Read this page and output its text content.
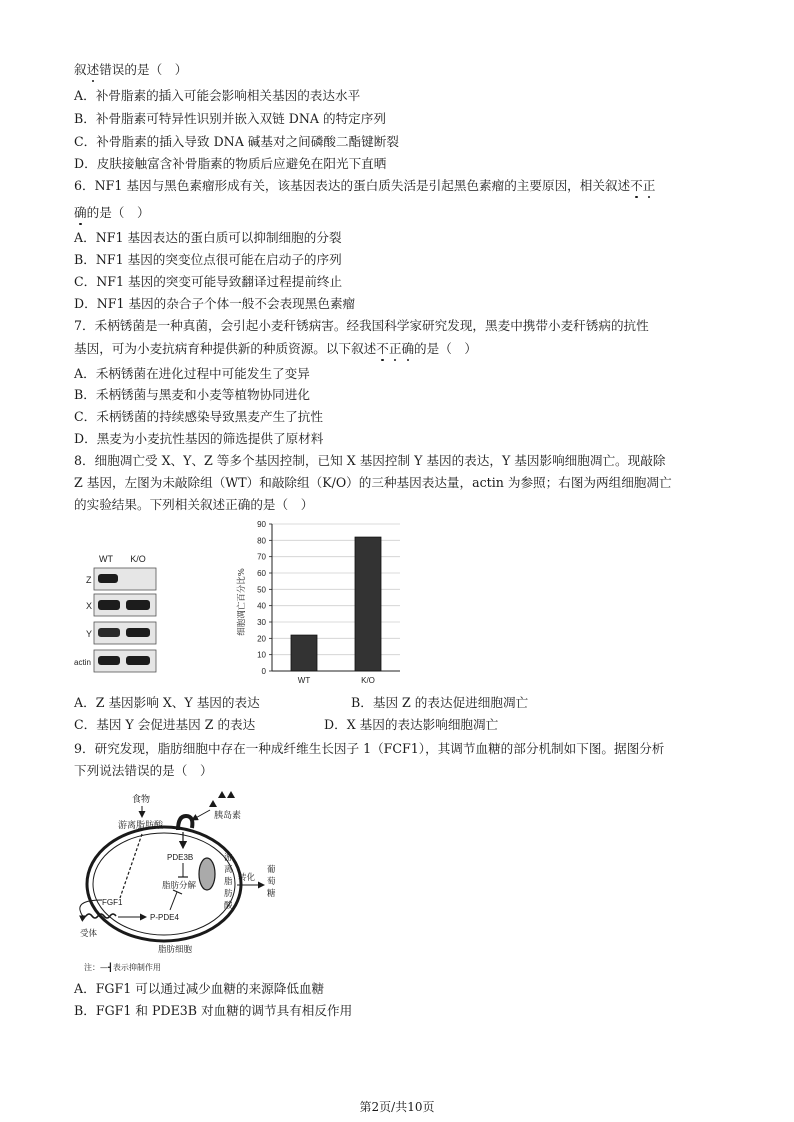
叙述错误的是（　）
A．补骨脂素的插入可能会影响相关基因的表达水平
B．补骨脂素可特异性识别并嵌入双链 DNA 的特定序列
C．补骨脂素的插入导致 DNA 碱基对之间磷酸二酯键断裂
D．皮肤接触富含补骨脂素的物质后应避免在阳光下直晒
6．NF1 基因与黑色素瘤形成有关，该基因表达的蛋白质失活是引起黑色素瘤的主要原因，相关叙述不正
确的是（　）
A．NF1 基因表达的蛋白质可以抑制细胞的分裂
B．NF1 基因的突变位点很可能在启动子的序列
C．NF1 基因的突变可能导致翻译过程提前终止
D．NF1 基因的杂合子个体一般不会表现黑色素瘤
7．禾柄锈菌是一种真菌，会引起小麦秆锈病害。经我国科学家研究发现，黑麦中携带小麦秆锈病的抗性
基因，可为小麦抗病育种提供新的种质资源。以下叙述不正确的是（　）
A．禾柄锈菌在进化过程中可能发生了变异
B．禾柄锈菌与黑麦和小麦等植物协同进化
C．禾柄锈菌的持续感染导致黑麦产生了抗性
D．黑麦为小麦抗性基因的筛选提供了原材料
8．细胞凋亡受 X、Y、Z 等多个基因控制，已知 X 基因控制 Y 基因的表达，Y 基因影响细胞凋亡。现敲除
Z 基因，左图为未敲除组（WT）和敲除组（K/O）的三种基因表达量，actin 为参照；右图为两组细胞凋亡
的实验结果。下列相关叙述正确的是（　）
WT K/O
Z
X
Y
actin
0
10
20
30
40
50
60
70
80
90
WT	K/O
细胞凋亡百分比%
A．Z 基因影响 X、Y 基因的表达	B．基因 Z 的表达促进细胞凋亡
C．基因 Y 会促进基因 Z 的表达	D．X 基因的表达影响细胞凋亡
9．研究发现，脂肪细胞中存在一种成纤维生长因子 1（FCF1），其调节血糖的部分机制如下图。据图分析
下列说法错误的是（　）
食物
游离脂肪酸
胰岛素
PDE3B
脂肪分解
FGF1
P-PDE4
受体
游
离
脂
肪
酸
转化
葡
萄
糖
脂肪细胞
注：—┫表示抑制作用
A．FGF1 可以通过减少血糖的来源降低血糖
B．FGF1 和 PDE3B 对血糖的调节具有相反作用
第2页/共10页
